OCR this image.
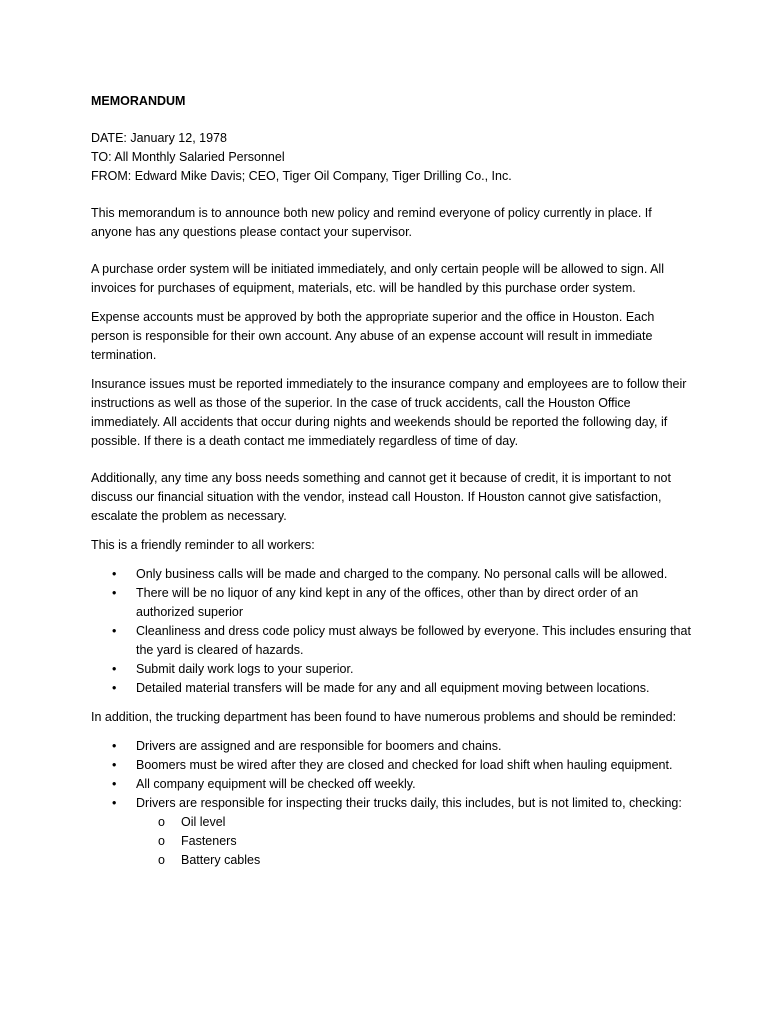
MEMORANDUM

DATE: January 12, 1978

TO: All Monthly Salaried Personnel

FROM: Edward Mike Davis; CEO, Tiger Oil Company, Tiger Drilling Co., Inc.

This memorandum is to announce both new policy and remind everyone of policy currently in place. If anyone has any questions please contact your supervisor.

A purchase order system will be initiated immediately, and only certain people will be allowed to sign. All invoices for purchases of equipment, materials, etc. will be handled by this purchase order system.

Expense accounts must be approved by both the appropriate superior and the office in Houston. Each person is responsible for their own account. Any abuse of an expense account will result in immediate termination.

Insurance issues must be reported immediately to the insurance company and employees are to follow their instructions as well as those of the superior. In the case of truck accidents, call the Houston Office immediately. All accidents that occur during nights and weekends should be reported the following day, if possible. If there is a death contact me immediately regardless of time of day.

Additionally, any time any boss needs something and cannot get it because of credit, it is important to not discuss our financial situation with the vendor, instead call Houston. If Houston cannot give satisfaction, escalate the problem as necessary.

This is a friendly reminder to all workers:

• Only business calls will be made and charged to the company. No personal calls will be allowed.
• There will be no liquor of any kind kept in any of the offices, other than by direct order of an authorized superior
• Cleanliness and dress code policy must always be followed by everyone. This includes ensuring that the yard is cleared of hazards.
• Submit daily work logs to your superior.
• Detailed material transfers will be made for any and all equipment moving between locations.

In addition, the trucking department has been found to have numerous problems and should be reminded:

• Drivers are assigned and are responsible for boomers and chains.
• Boomers must be wired after they are closed and checked for load shift when hauling equipment.
• All company equipment will be checked off weekly.
• Drivers are responsible for inspecting their trucks daily, this includes, but is not limited to, checking:
o Oil level
o Fasteners
o Battery cables
